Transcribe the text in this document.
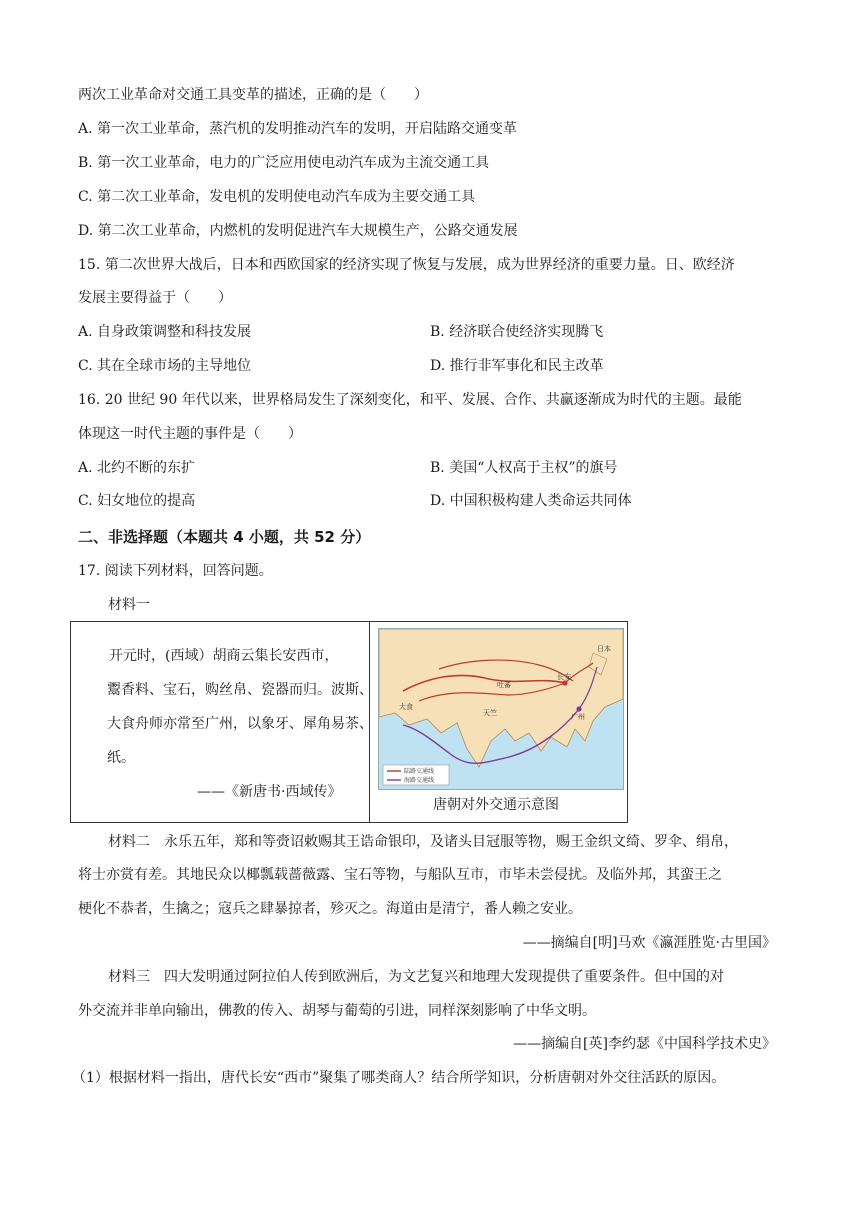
两次工业革命对交通工具变革的描述，正确的是（　　）
A. 第一次工业革命，蒸汽机的发明推动汽车的发明，开启陆路交通变革
B. 第一次工业革命，电力的广泛应用使电动汽车成为主流交通工具
C. 第二次工业革命，发电机的发明使电动汽车成为主要交通工具
D. 第二次工业革命，内燃机的发明促进汽车大规模生产，公路交通发展
15. 第二次世界大战后，日本和西欧国家的经济实现了恢复与发展，成为世界经济的重要力量。日、欧经济
发展主要得益于（　　）
A. 自身政策调整和科技发展	B. 经济联合使经济实现腾飞
C. 其在全球市场的主导地位	D. 推行非军事化和民主改革
16. 20 世纪 90 年代以来，世界格局发生了深刻变化，和平、发展、合作、共赢逐渐成为时代的主题。最能
体现这一时代主题的事件是（　　）
A. 北约不断的东扩	B. 美国“人权高于主权”的旗号
C. 妇女地位的提高	D. 中国积极构建人类命运共同体
二、非选择题（本题共 4 小题，共 52 分）
17. 阅读下列材料，回答问题。
材料一
开元时，(西域）胡商云集长安西市，
鬻香料、宝石，购丝帛、瓷器而归。波斯、
大食舟师亦常至广州，以象牙、犀角易茶、
纸。
——《新唐书·西域传》
长安
广州
大食
天竺
吐蕃
日本
陆路交通线
海路交通线
唐朝对外交通示意图
材料二　永乐五年，郑和等赍诏敕赐其王诰命银印，及诸头目冠服等物，赐王金织文绮、罗伞、绢帛，
将士亦赏有差。其地民众以椰瓢载蔷薇露、宝石等物，与船队互市，市毕未尝侵扰。及临外邦，其蛮王之
梗化不恭者，生擒之；寇兵之肆暴掠者，殄灭之。海道由是清宁，番人赖之安业。
——摘编自[明]马欢《瀛涯胜览·古里国》
材料三　四大发明通过阿拉伯人传到欧洲后，为文艺复兴和地理大发现提供了重要条件。但中国的对
外交流并非单向输出，佛教的传入、胡琴与葡萄的引进，同样深刻影响了中华文明。
——摘编自[英]李约瑟《中国科学技术史》
（1）根据材料一指出，唐代长安“西市”聚集了哪类商人？结合所学知识，分析唐朝对外交往活跃的原因。
